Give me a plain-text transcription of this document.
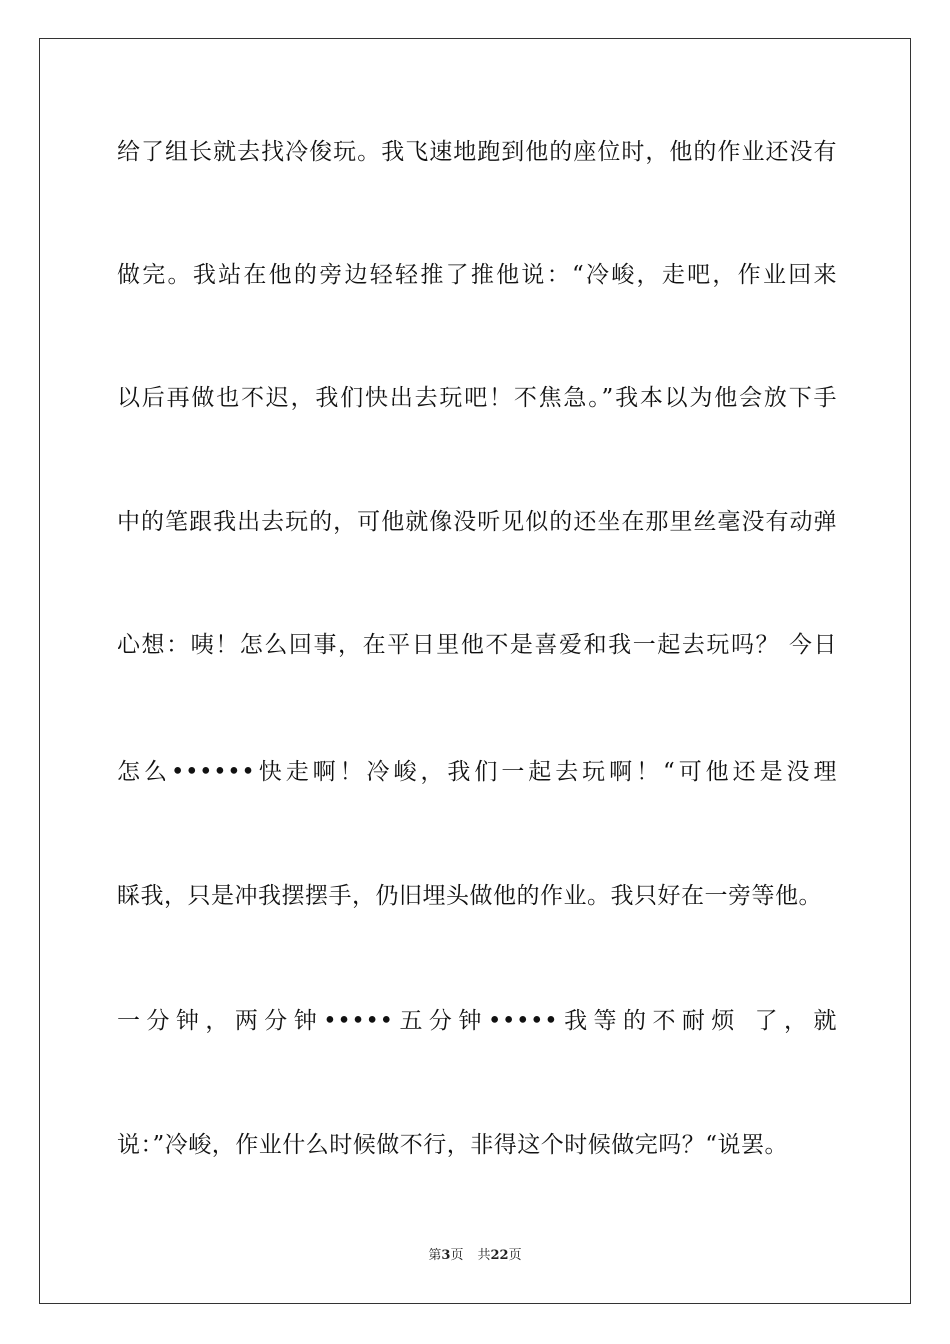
给了组长就去找冷俊玩。我飞速地跑到他的座位时，他的作业还没有
做完。我站在他的旁边轻轻推了推他说：“冷峻，走吧，作业回来
以后再做也不迟，我们快出去玩吧！不焦急。”我本以为他会放下手
中的笔跟我出去玩的，可他就像没听见似的还坐在那里丝毫没有动弹
心想：咦！怎么回事，在平日里他不是喜爱和我一起去玩吗？ 今日
怎么••••••快走啊！冷峻，我们一起去玩啊！“可他还是没理
睬我，只是冲我摆摆手，仍旧埋头做他的作业。我只好在一旁等他。
一分钟，两分钟•••••五分钟•••••我等的不耐烦 了，就
说：”冷峻，作业什么时候做不行，非得这个时候做完吗？“说罢。
第3页 共22页
